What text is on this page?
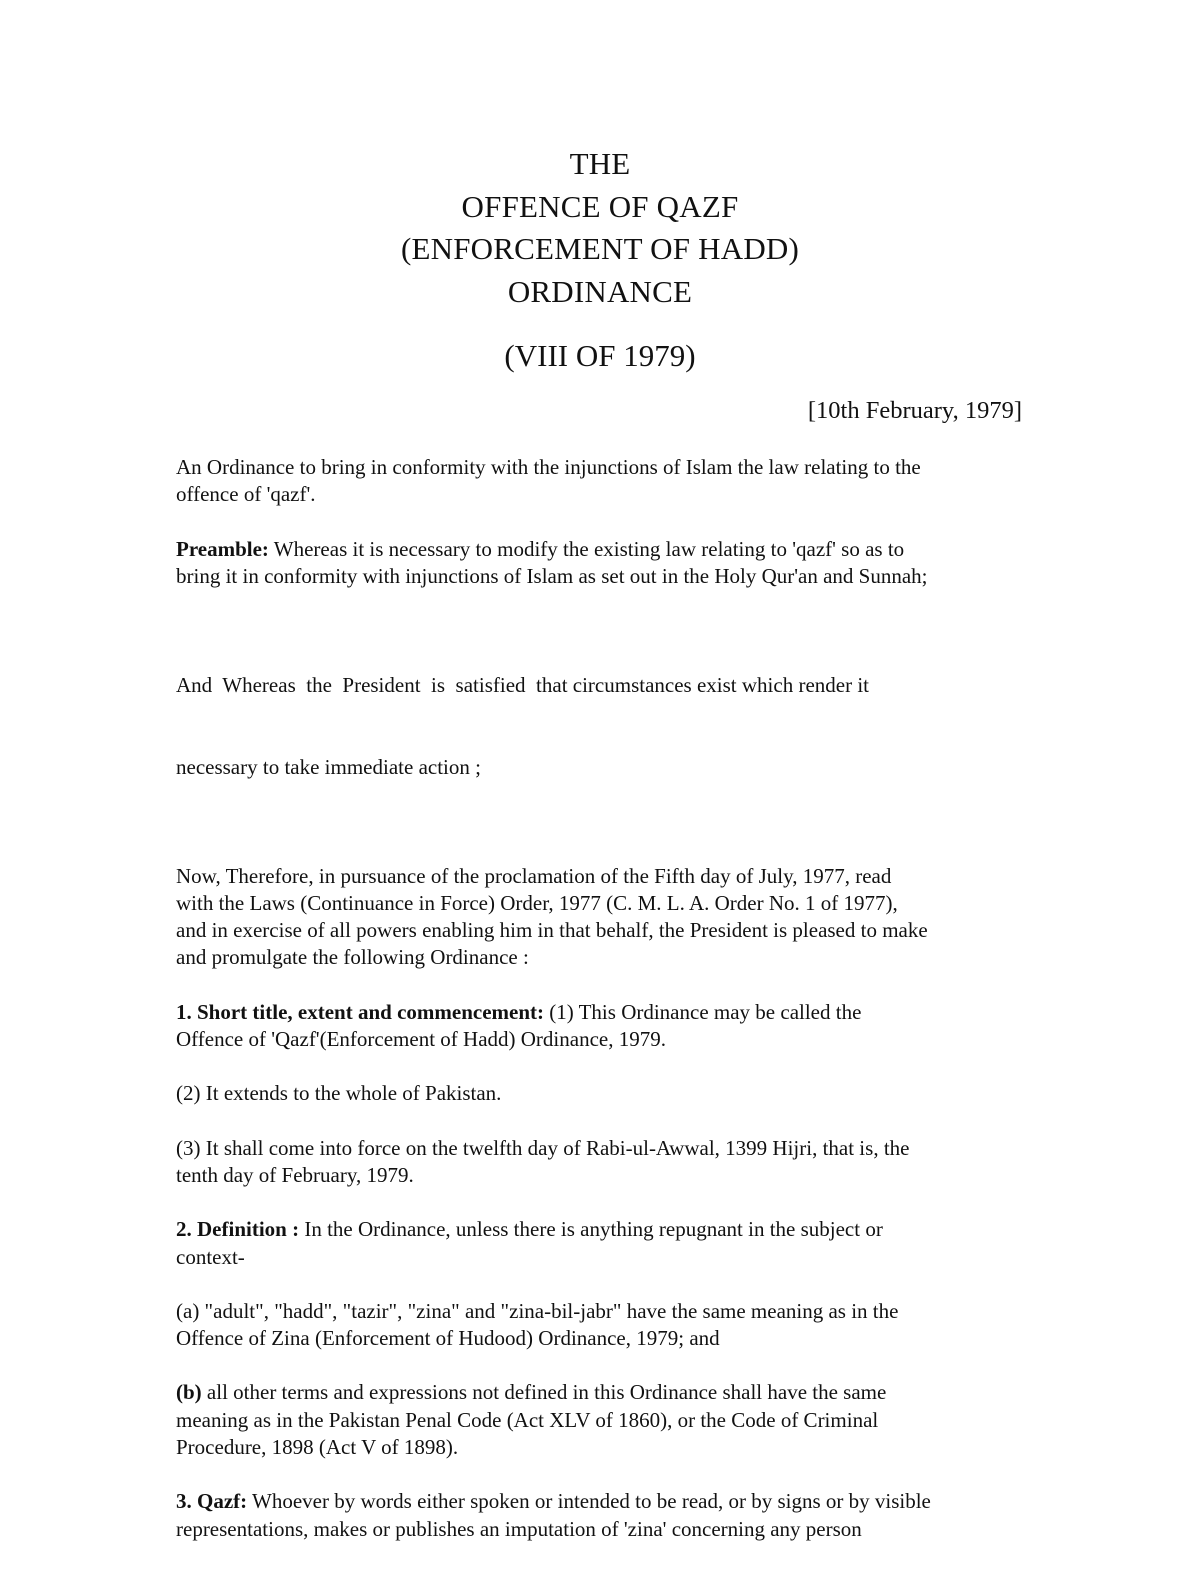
THE
OFFENCE OF QAZF
(ENFORCEMENT OF HADD)
ORDINANCE
(VIII OF 1979)
[10th February, 1979]

An Ordinance to bring in conformity with the injunctions of Islam the law relating to the
offence of 'qazf'.

Preamble: Whereas it is necessary to modify the existing law relating to 'qazf' so as to
bring it in conformity with injunctions of Islam as set out in the Holy Qur'an and Sunnah;

And  Whereas  the  President  is  satisfied  that circumstances exist which render it

necessary to take immediate action ;

Now, Therefore, in pursuance of the proclamation of the Fifth day of July, 1977, read
with the Laws (Continuance in Force) Order, 1977 (C. M. L. A. Order No. 1 of 1977),
and in exercise of all powers enabling him in that behalf, the President is pleased to make
and promulgate the following Ordinance :

1. Short title, extent and commencement: (1) This Ordinance may be called the
Offence of 'Qazf'(Enforcement of Hadd) Ordinance, 1979.

(2) It extends to the whole of Pakistan.

(3) It shall come into force on the twelfth day of Rabi-ul-Awwal, 1399 Hijri, that is, the
tenth day of February, 1979.

2. Definition : In the Ordinance, unless there is anything repugnant in the subject or
context-

(a) "adult", "hadd", "tazir", "zina" and "zina-bil-jabr" have the same meaning as in the
Offence of Zina (Enforcement of Hudood) Ordinance, 1979; and

(b) all other terms and expressions not defined in this Ordinance shall have the same
meaning as in the Pakistan Penal Code (Act XLV of 1860), or the Code of Criminal
Procedure, 1898 (Act V of 1898).

3. Qazf: Whoever by words either spoken or intended to be read, or by signs or by visible
representations, makes or publishes an imputation of 'zina' concerning any person
